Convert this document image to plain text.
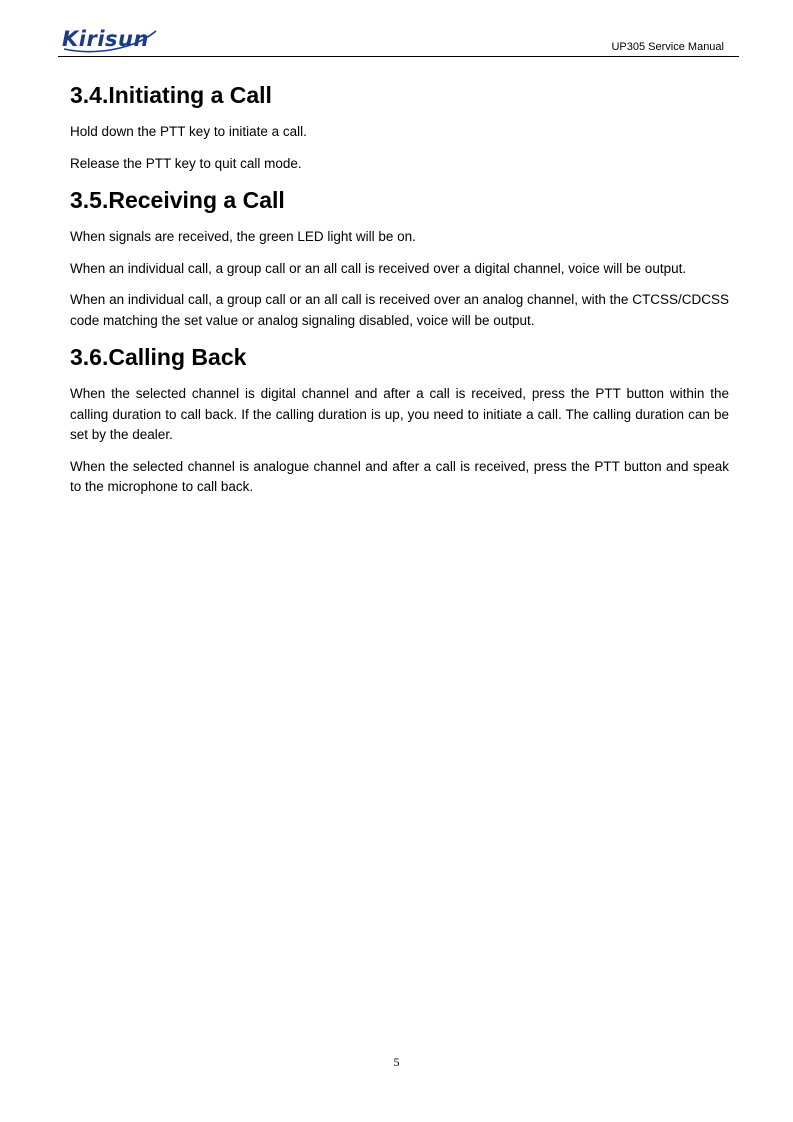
Kirisun	UP305 Service Manual
3.4.Initiating a Call

Hold down the PTT key to initiate a call.

Release the PTT key to quit call mode.

3.5.Receiving a Call

When signals are received, the green LED light will be on.

When an individual call, a group call or an all call is received over a digital channel, voice will be output.

When an individual call, a group call or an all call is received over an analog channel, with the CTCSS/CDCSS code matching the set value or analog signaling disabled, voice will be output.

3.6.Calling Back

When the selected channel is digital channel and after a call is received, press the PTT button within the calling duration to call back. If the calling duration is up, you need to initiate a call. The calling duration can be set by the dealer.

When the selected channel is analogue channel and after a call is received, press the PTT button and speak to the microphone to call back.

5
